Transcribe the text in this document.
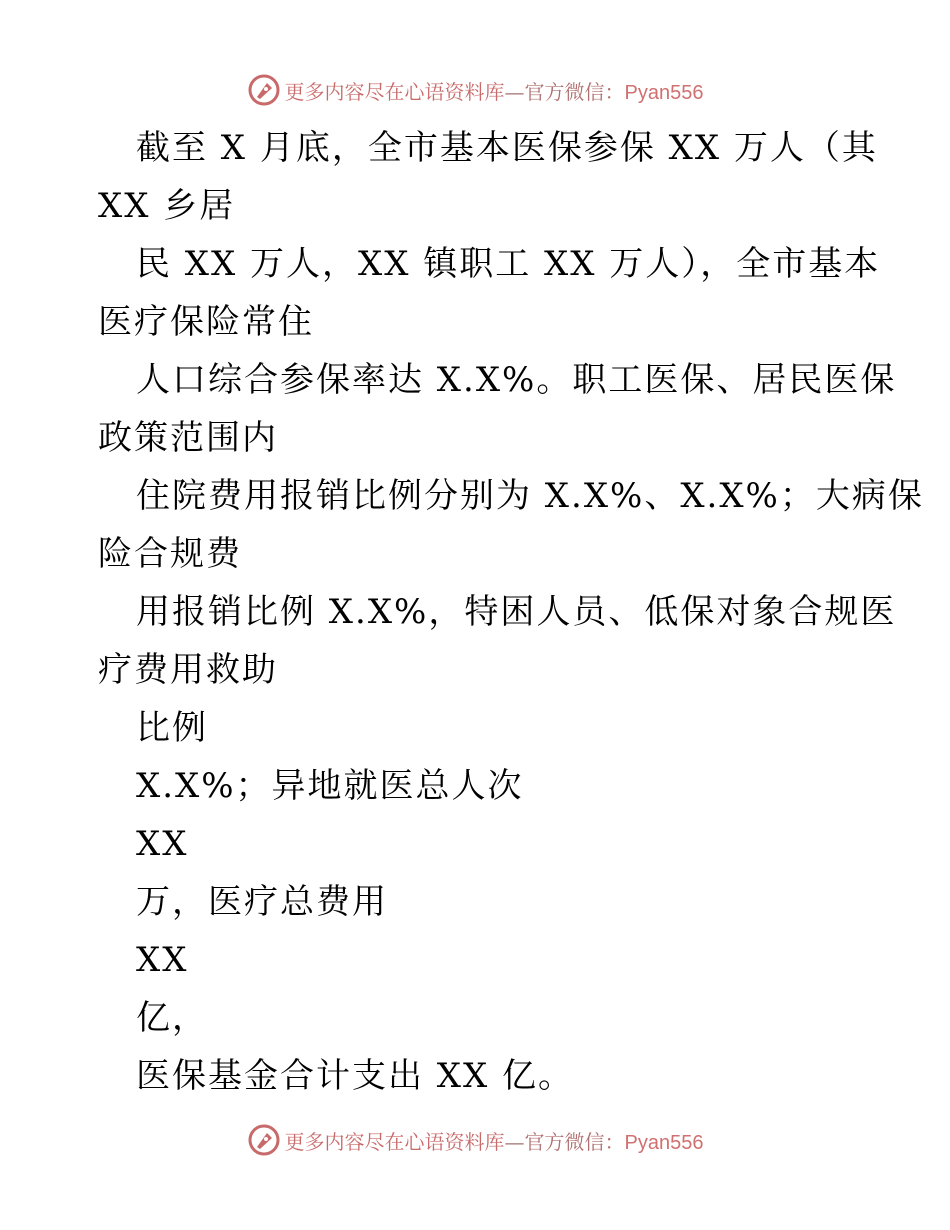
更多内容尽在心语资料库—官方微信：Pyan556
截至 X 月底，全市基本医保参保 XX 万人（其
XX 乡居
民 XX 万人，XX 镇职工 XX 万人），全市基本
医疗保险常住
人口综合参保率达 X.X%。职工医保、居民医保
政策范围内
住院费用报销比例分别为 X.X%、X.X%；大病保
险合规费
用报销比例 X.X%，特困人员、低保对象合规医
疗费用救助
比例
X.X%；异地就医总人次
XX
万，医疗总费用
XX
亿，
医保基金合计支出 XX 亿。
更多内容尽在心语资料库—官方微信：Pyan556
